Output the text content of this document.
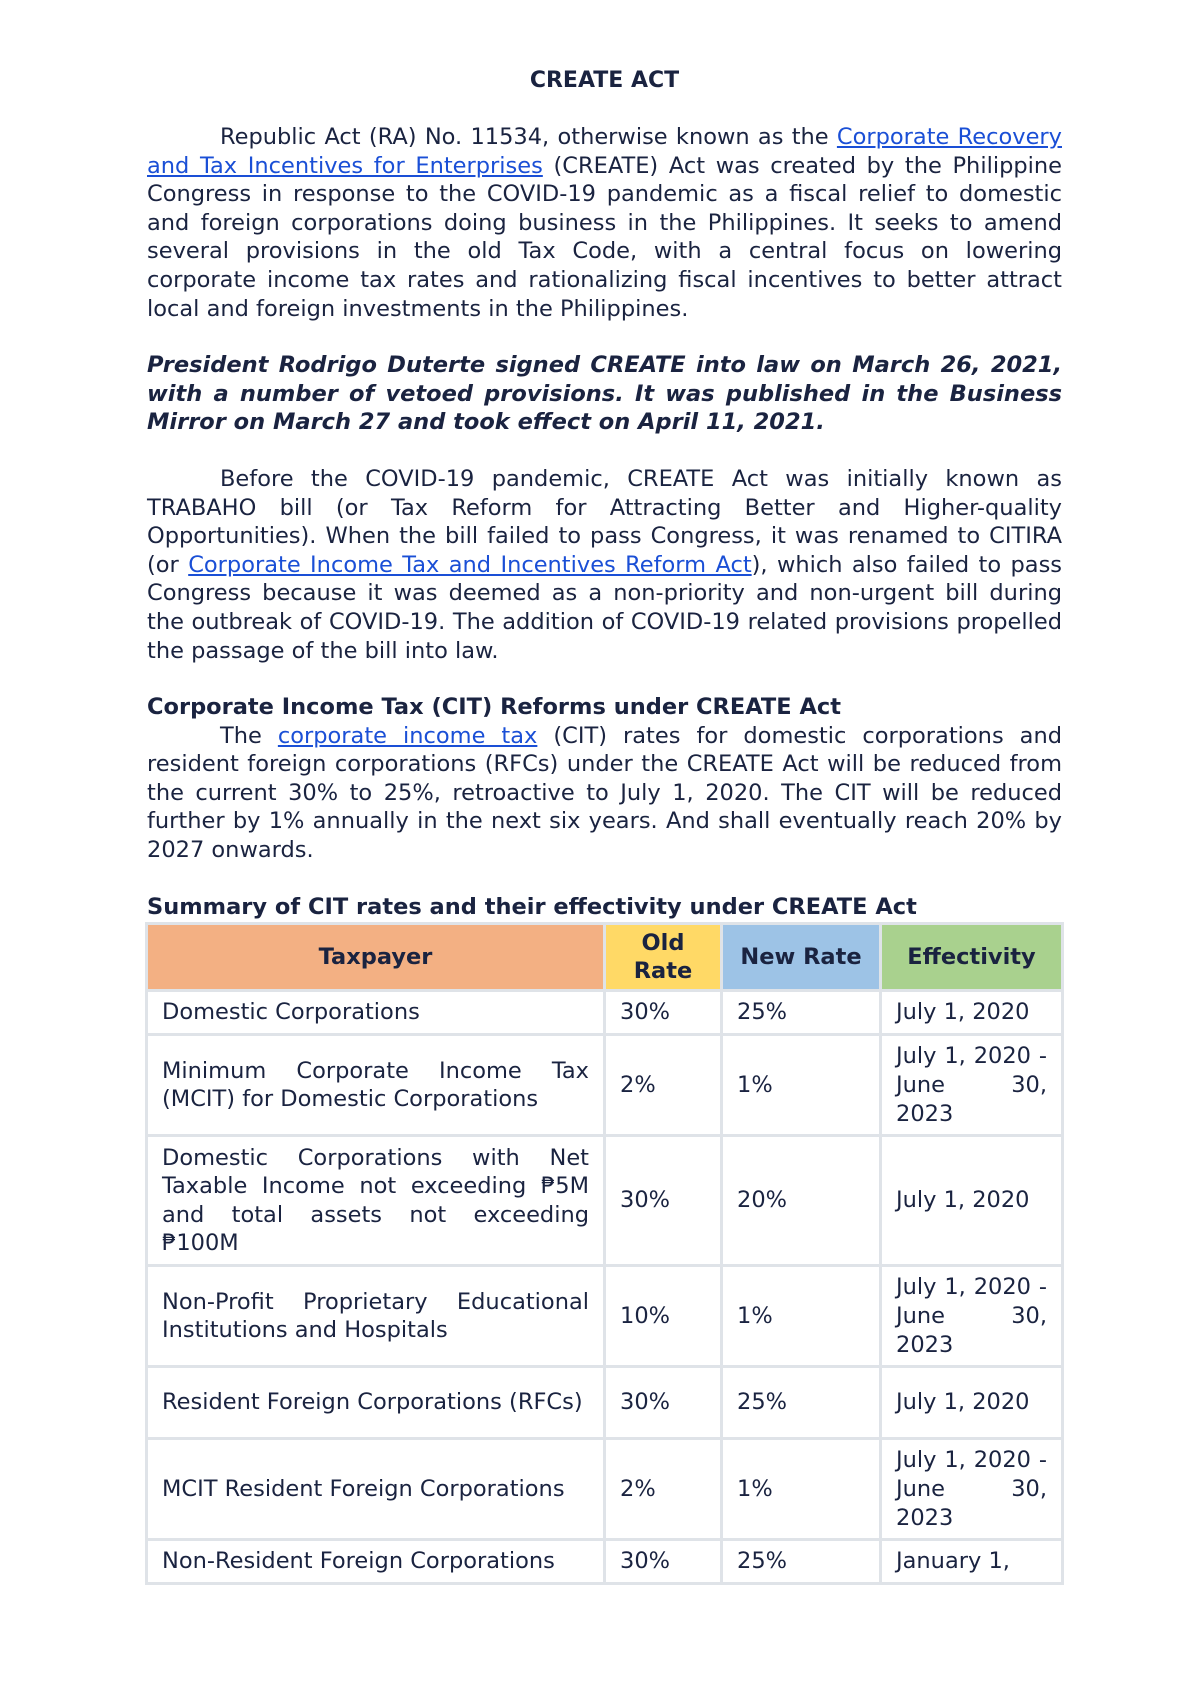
CREATE ACT

Republic Act (RA) No. 11534, otherwise known as the Corporate Recovery and Tax Incentives for Enterprises (CREATE) Act was created by the Philippine Congress in response to the COVID-19 pandemic as a fiscal relief to domestic and foreign corporations doing business in the Philippines. It seeks to amend several provisions in the old Tax Code, with a central focus on lowering corporate income tax rates and rationalizing fiscal incentives to better attract local and foreign investments in the Philippines.

President Rodrigo Duterte signed CREATE into law on March 26, 2021, with a number of vetoed provisions. It was published in the Business Mirror on March 27 and took effect on April 11, 2021.

Before the COVID-19 pandemic, CREATE Act was initially known as TRABAHO bill (or Tax Reform for Attracting Better and Higher-quality Opportunities). When the bill failed to pass Congress, it was renamed to CITIRA (or Corporate Income Tax and Incentives Reform Act), which also failed to pass Congress because it was deemed as a non-priority and non-urgent bill during the outbreak of COVID-19. The addition of COVID-19 related provisions propelled the passage of the bill into law.

Corporate Income Tax (CIT) Reforms under CREATE Act

The corporate income tax (CIT) rates for domestic corporations and resident foreign corporations (RFCs) under the CREATE Act will be reduced from the current 30% to 25%, retroactive to July 1, 2020. The CIT will be reduced further by 1% annually in the next six years. And shall eventually reach 20% by 2027 onwards.

Summary of CIT rates and their effectivity under CREATE Act
Taxpayer	Old Rate	New Rate	Effectivity
Domestic Corporations	30%	25%	July 1, 2020
Minimum Corporate Income Tax (MCIT) for Domestic Corporations	2%	1%	July 1, 2020 - June 30, 2023
Domestic Corporations with Net Taxable Income not exceeding ₱5M and total assets not exceeding ₱100M	30%	20%	July 1, 2020
Non-Profit Proprietary Educational Institutions and Hospitals	10%	1%	July 1, 2020 - June 30, 2023
Resident Foreign Corporations (RFCs)	30%	25%	July 1, 2020
MCIT Resident Foreign Corporations	2%	1%	July 1, 2020 - June 30, 2023
Non-Resident Foreign Corporations	30%	25%	January 1,
